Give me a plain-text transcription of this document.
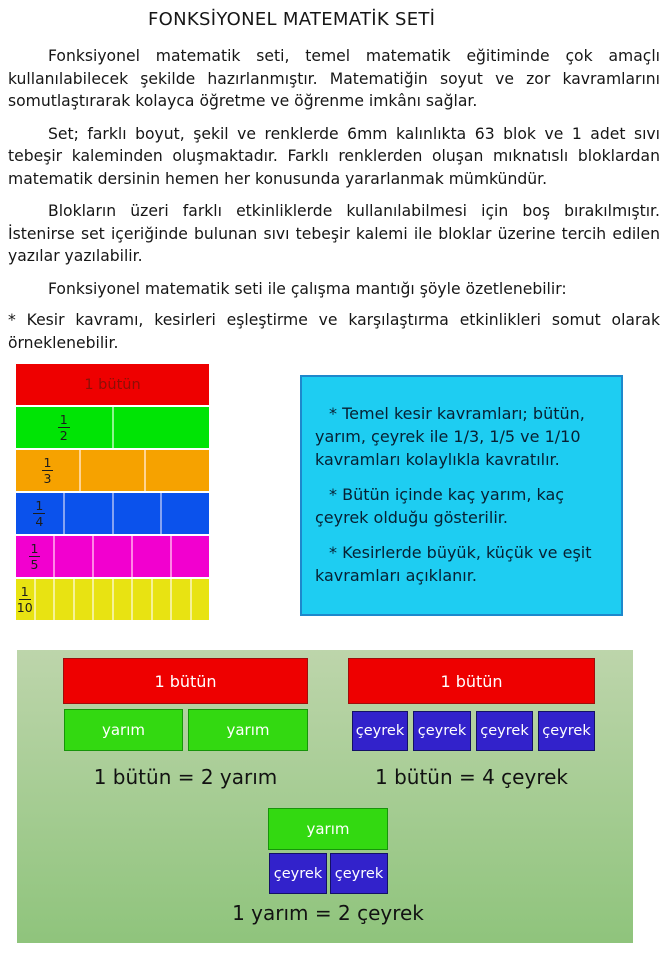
FONKSİYONEL MATEMATİK SETİ

Fonksiyonel matematik seti, temel matematik eğitiminde çok amaçlı kullanılabilecek şekilde hazırlanmıştır. Matematiğin soyut ve zor kavramlarını somutlaştırarak kolayca öğretme ve öğrenme imkânı sağlar.

Set; farklı boyut, şekil ve renklerde 6mm kalınlıkta 63 blok ve 1 adet sıvı tebeşir kaleminden oluşmaktadır. Farklı renklerden oluşan mıknatıslı bloklardan matematik dersinin hemen her konusunda yararlanmak mümkündür.

Blokların üzeri farklı etkinliklerde kullanılabilmesi için boş bırakılmıştır. İstenirse set içeriğinde bulunan sıvı tebeşir kalemi ile bloklar üzerine tercih edilen yazılar yazılabilir.

Fonksiyonel matematik seti ile çalışma mantığı şöyle özetlenebilir:

* Kesir kavramı, kesirleri eşleştirme ve karşılaştırma etkinlikleri somut olarak örneklenebilir.

1 bütün
$\frac{1}{2}$
$\frac{1}{3}$
$\frac{1}{4}$
$\frac{1}{5}$
$\frac{1}{10}$

* Temel kesir kavramları; bütün, yarım, çeyrek ile 1/3, 1/5 ve 1/10 kavramları kolaylıkla kavratılır.

* Bütün içinde kaç yarım, kaç çeyrek olduğu gösterilir.

* Kesirlerde büyük, küçük ve eşit kavramları açıklanır.

1 bütün
yarım	yarım
1 bütün = 2 yarım
1 bütün
çeyrek çeyrek çeyrek çeyrek
1 bütün = 4 çeyrek
yarım
çeyrek çeyrek
1 yarım = 2 çeyrek
